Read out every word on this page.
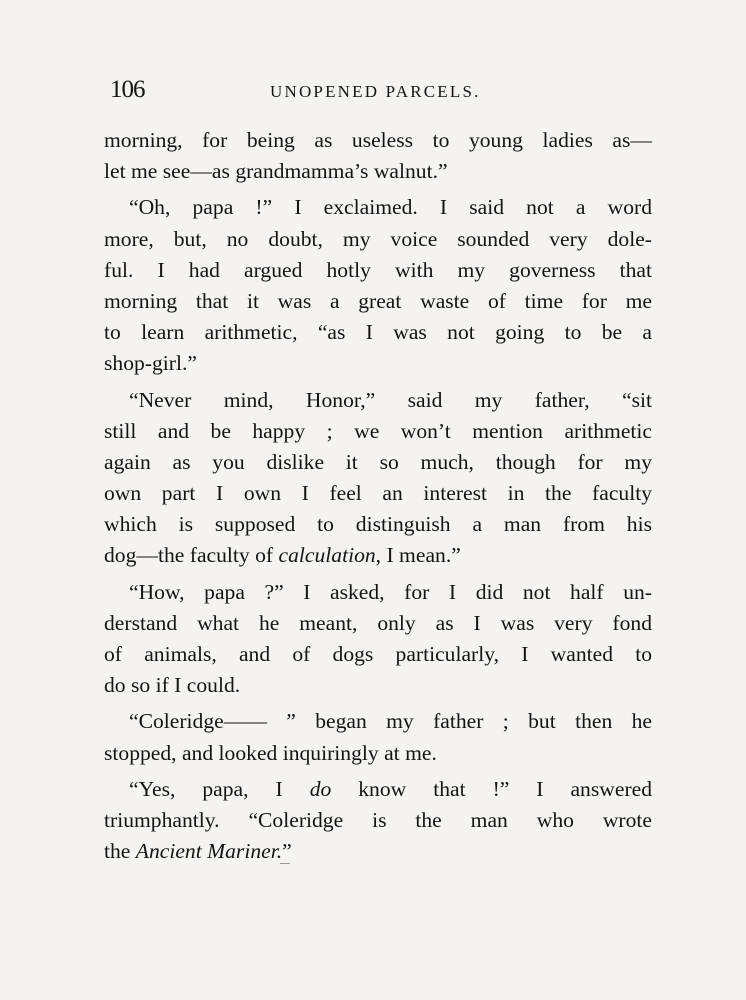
106	UNOPENED PARCELS.
morning, for being as useless to young ladies as—
let me see—as grandmamma’s walnut.”
“Oh, papa !” I exclaimed. I said not a word
more, but, no doubt, my voice sounded very dole-
ful. I had argued hotly with my governess that
morning that it was a great waste of time for me
to learn arithmetic, “as I was not going to be a
shop-girl.”
“Never mind, Honor,” said my father, “sit
still and be happy ; we won’t mention arithmetic
again as you dislike it so much, though for my
own part I own I feel an interest in the faculty
which is supposed to distinguish a man from his
dog—the faculty of calculation, I mean.”
“How, papa ?” I asked, for I did not half un-
derstand what he meant, only as I was very fond
of animals, and of dogs particularly, I wanted to
do so if I could.
“Coleridge—— ” began my father ; but then he
stopped, and looked inquiringly at me.
“Yes, papa, I do know that !” I answered
triumphantly. “Coleridge is the man who wrote
the Ancient Mariner.”
